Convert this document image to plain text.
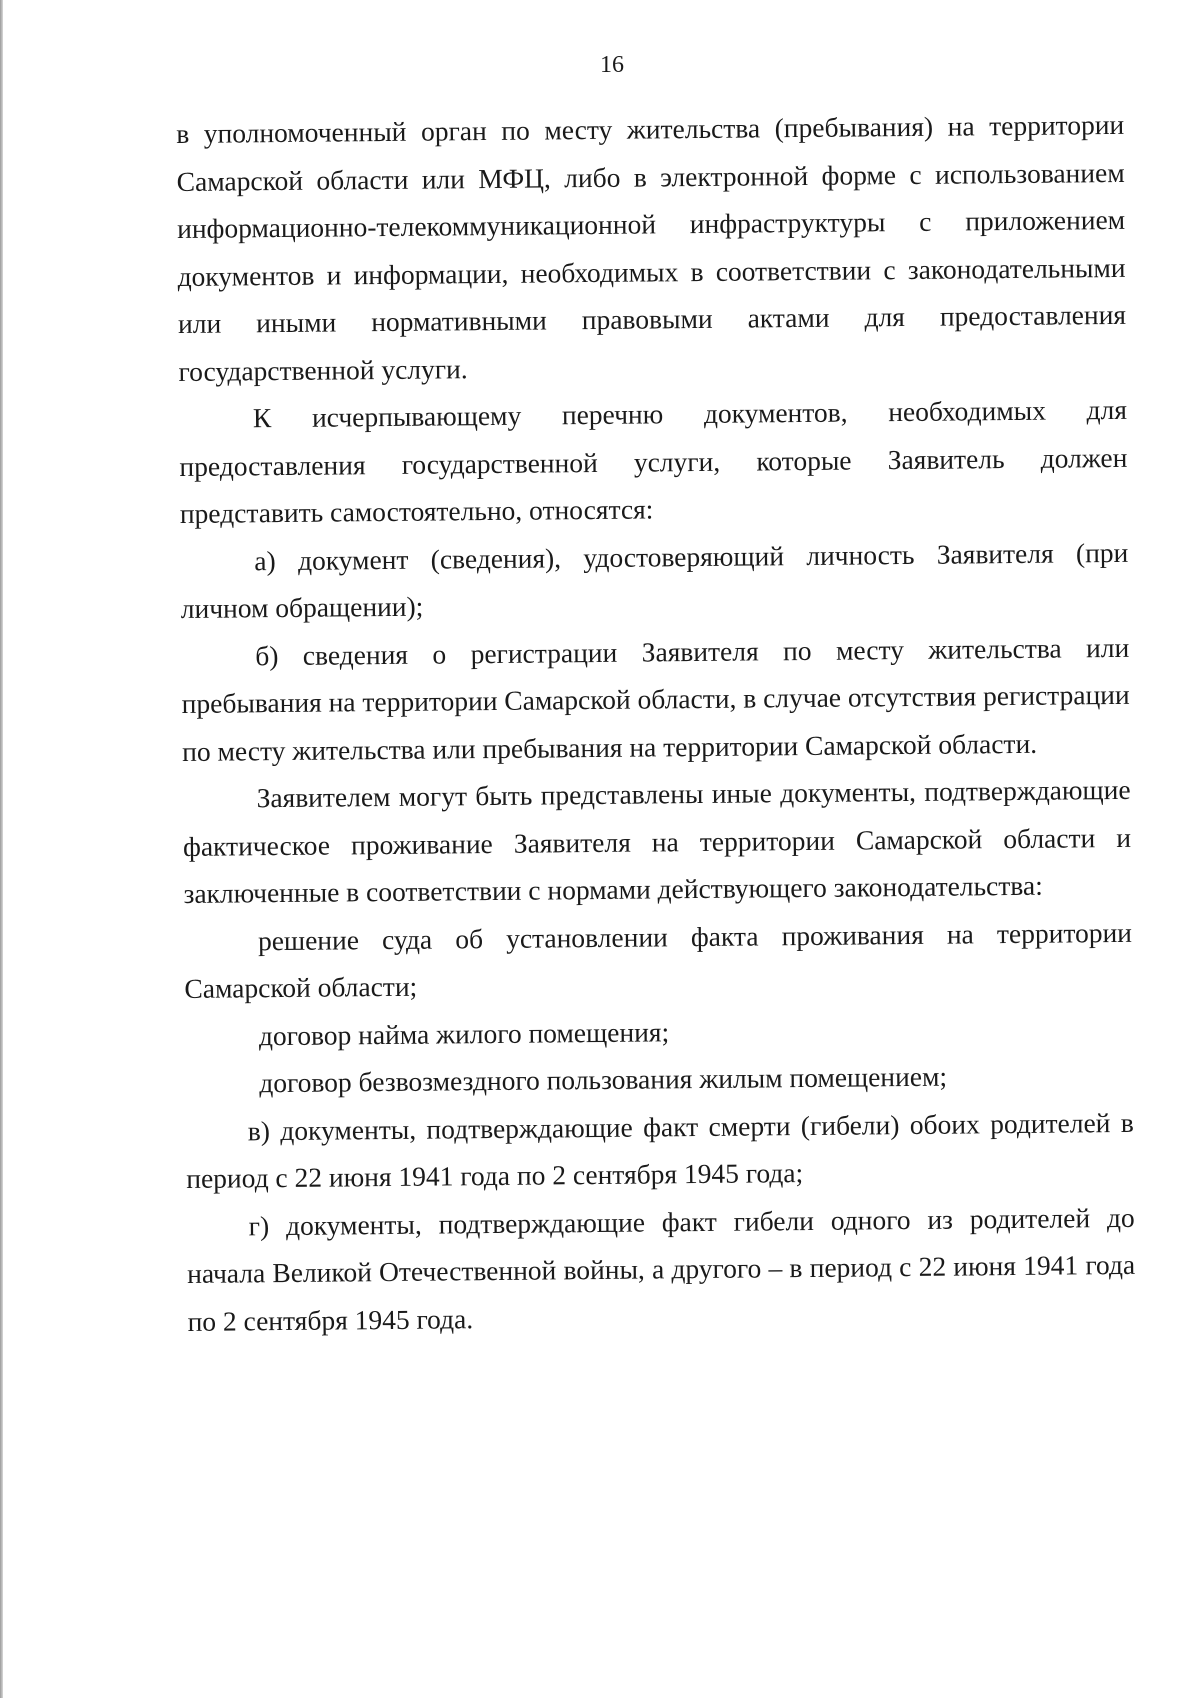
16

в уполномоченный орган по месту жительства (пребывания) на территории Самарской области или МФЦ, либо в электронной форме с использованием информационно-телекоммуникационной инфраструктуры с приложением документов и информации, необходимых в соответствии с законодательными или иными нормативными правовыми актами для предоставления государственной услуги.

К исчерпывающему перечню документов, необходимых для предоставления государственной услуги, которые Заявитель должен представить самостоятельно, относятся:

а) документ (сведения), удостоверяющий личность Заявителя (при личном обращении);

б) сведения о регистрации Заявителя по месту жительства или пребывания на территории Самарской области, в случае отсутствия регистрации по месту жительства или пребывания на территории Самарской области.

Заявителем могут быть представлены иные документы, подтверждающие фактическое проживание Заявителя на территории Самарской области и заключенные в соответствии с нормами действующего законодательства:

решение суда об установлении факта проживания на территории Самарской области;

договор найма жилого помещения;

договор безвозмездного пользования жилым помещением;

в) документы, подтверждающие факт смерти (гибели) обоих родителей в период с 22 июня 1941 года по 2 сентября 1945 года;

г) документы, подтверждающие факт гибели одного из родителей до начала Великой Отечественной войны, а другого – в период с 22 июня 1941 года по 2 сентября 1945 года.
